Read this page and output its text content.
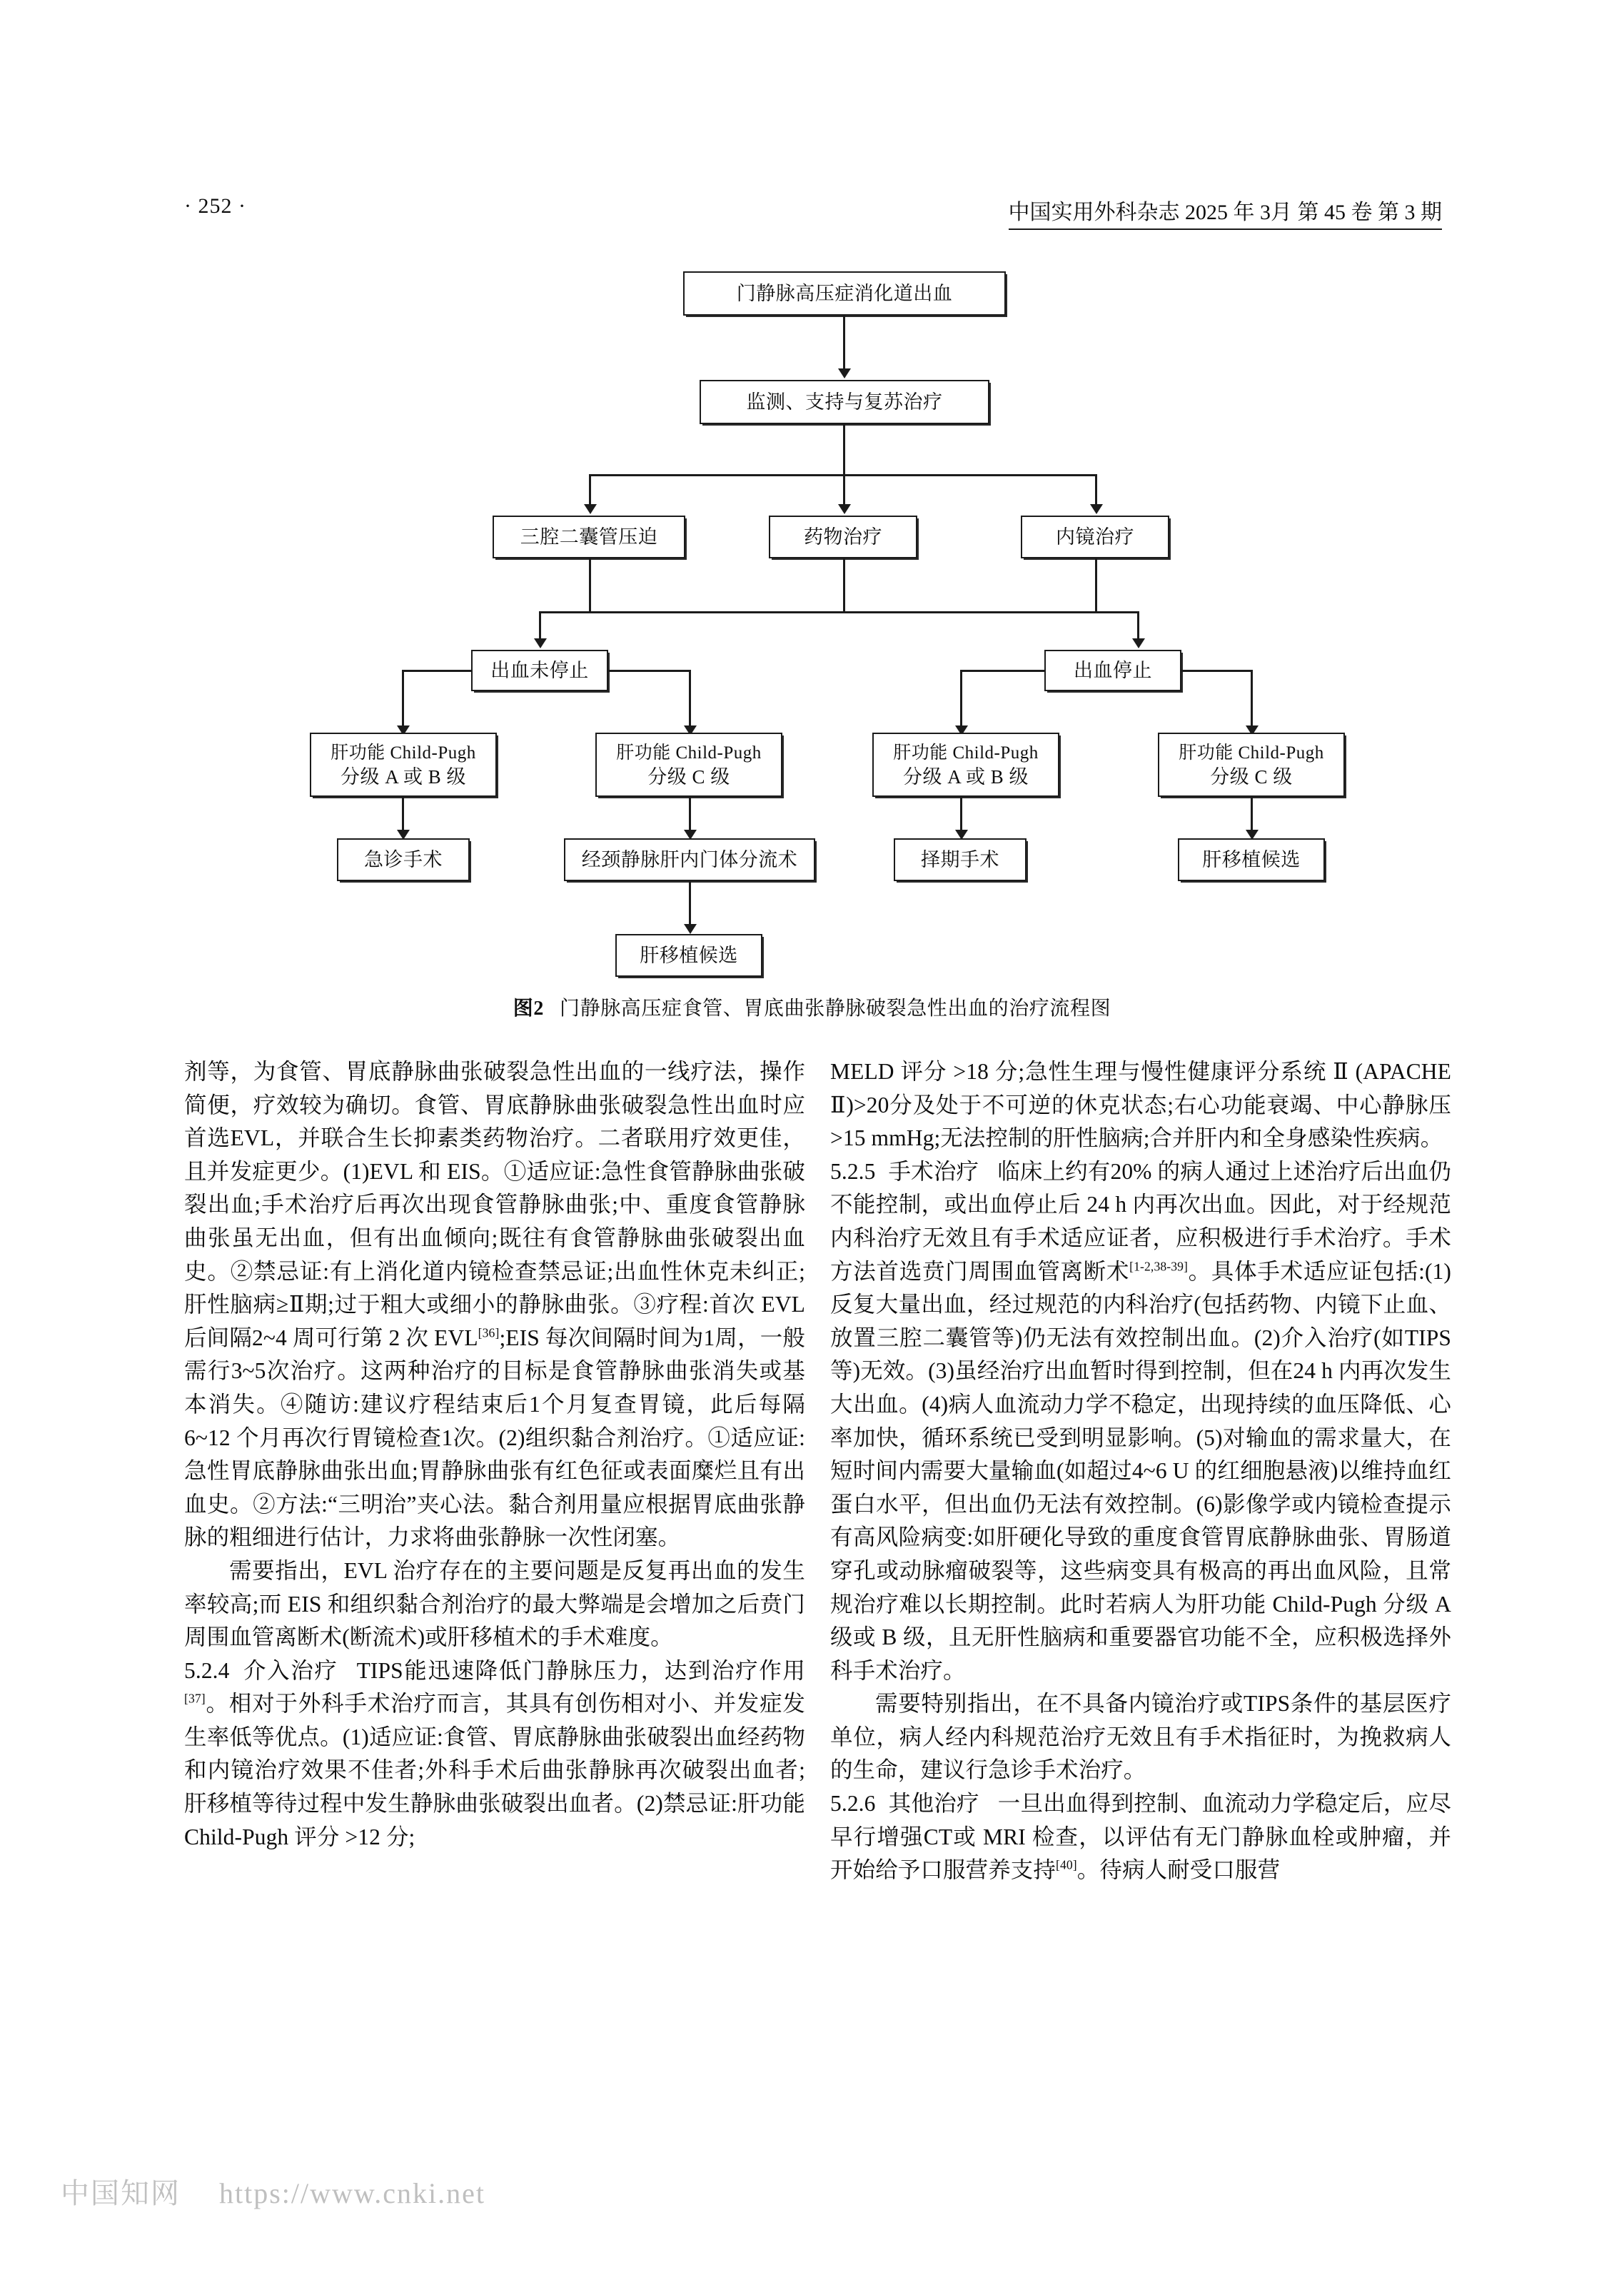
· 252 ·	中国实用外科杂志 2025 年 3月 第 45 卷 第 3 期
门静脉高压症消化道出血
监测、支持与复苏治疗
三腔二囊管压迫	药物治疗	内镜治疗
出血未停止	出血停止
肝功能 Child-Pugh
分级 A 或 B 级
肝功能 Child-Pugh
分级 C 级
肝功能 Child-Pugh
分级 A 或 B 级
肝功能 Child-Pugh
分级 C 级
急诊手术	经颈静脉肝内门体分流术	择期手术	肝移植候选
肝移植候选
图2 门静脉高压症食管、胃底曲张静脉破裂急性出血的治疗流程图

剂等，为食管、胃底静脉曲张破裂急性出血的一线疗法，操作简便，疗效较为确切。食管、胃底静脉曲张破裂急性出血时应首选EVL，并联合生长抑素类药物治疗。二者联用疗效更佳，且并发症更少。(1)EVL 和 EIS。①适应证:急性食管静脉曲张破裂出血;手术治疗后再次出现食管静脉曲张;中、重度食管静脉曲张虽无出血，但有出血倾向;既往有食管静脉曲张破裂出血史。②禁忌证:有上消化道内镜检查禁忌证;出血性休克未纠正;肝性脑病≥Ⅱ期;过于粗大或细小的静脉曲张。③疗程:首次 EVL 后间隔2~4 周可行第 2 次 EVL[36];EIS 每次间隔时间为1周，一般需行3~5次治疗。这两种治疗的目标是食管静脉曲张消失或基本消失。④随访:建议疗程结束后1个月复查胃镜，此后每隔6~12 个月再次行胃镜检查1次。(2)组织黏合剂治疗。①适应证:急性胃底静脉曲张出血;胃静脉曲张有红色征或表面糜烂且有出血史。②方法:“三明治”夹心法。黏合剂用量应根据胃底曲张静脉的粗细进行估计，力求将曲张静脉一次性闭塞。

需要指出，EVL 治疗存在的主要问题是反复再出血的发生率较高;而 EIS 和组织黏合剂治疗的最大弊端是会增加之后贲门周围血管离断术(断流术)或肝移植术的手术难度。

5.2.4 介入治疗 TIPS能迅速降低门静脉压力，达到治疗作用[37]。相对于外科手术治疗而言，其具有创伤相对小、并发症发生率低等优点。(1)适应证:食管、胃底静脉曲张破裂出血经药物和内镜治疗效果不佳者;外科手术后曲张静脉再次破裂出血者;肝移植等待过程中发生静脉曲张破裂出血者。(2)禁忌证:肝功能 Child-Pugh 评分 >12 分;

MELD 评分 >18 分;急性生理与慢性健康评分系统 Ⅱ (APACHE Ⅱ)>20分及处于不可逆的休克状态;右心功能衰竭、中心静脉压>15 mmHg;无法控制的肝性脑病;合并肝内和全身感染性疾病。

5.2.5 手术治疗 临床上约有20% 的病人通过上述治疗后出血仍不能控制，或出血停止后 24 h 内再次出血。因此，对于经规范内科治疗无效且有手术适应证者，应积极进行手术治疗。手术方法首选贲门周围血管离断术[1-2,38-39]。具体手术适应证包括:(1)反复大量出血，经过规范的内科治疗(包括药物、内镜下止血、放置三腔二囊管等)仍无法有效控制出血。(2)介入治疗(如TIPS等)无效。(3)虽经治疗出血暂时得到控制，但在24 h 内再次发生大出血。(4)病人血流动力学不稳定，出现持续的血压降低、心率加快，循环系统已受到明显影响。(5)对输血的需求量大，在短时间内需要大量输血(如超过4~6 U 的红细胞悬液)以维持血红蛋白水平，但出血仍无法有效控制。(6)影像学或内镜检查提示有高风险病变:如肝硬化导致的重度食管胃底静脉曲张、胃肠道穿孔或动脉瘤破裂等，这些病变具有极高的再出血风险，且常规治疗难以长期控制。此时若病人为肝功能 Child-Pugh 分级 A 级或 B 级，且无肝性脑病和重要器官功能不全，应积极选择外科手术治疗。

需要特别指出，在不具备内镜治疗或TIPS条件的基层医疗单位，病人经内科规范治疗无效且有手术指征时，为挽救病人的生命，建议行急诊手术治疗。

5.2.6 其他治疗 一旦出血得到控制、血流动力学稳定后，应尽早行增强CT或 MRI 检查，以评估有无门静脉血栓或肿瘤，并开始给予口服营养支持[40]。待病人耐受口服营

中国知网 https://www.cnki.net
